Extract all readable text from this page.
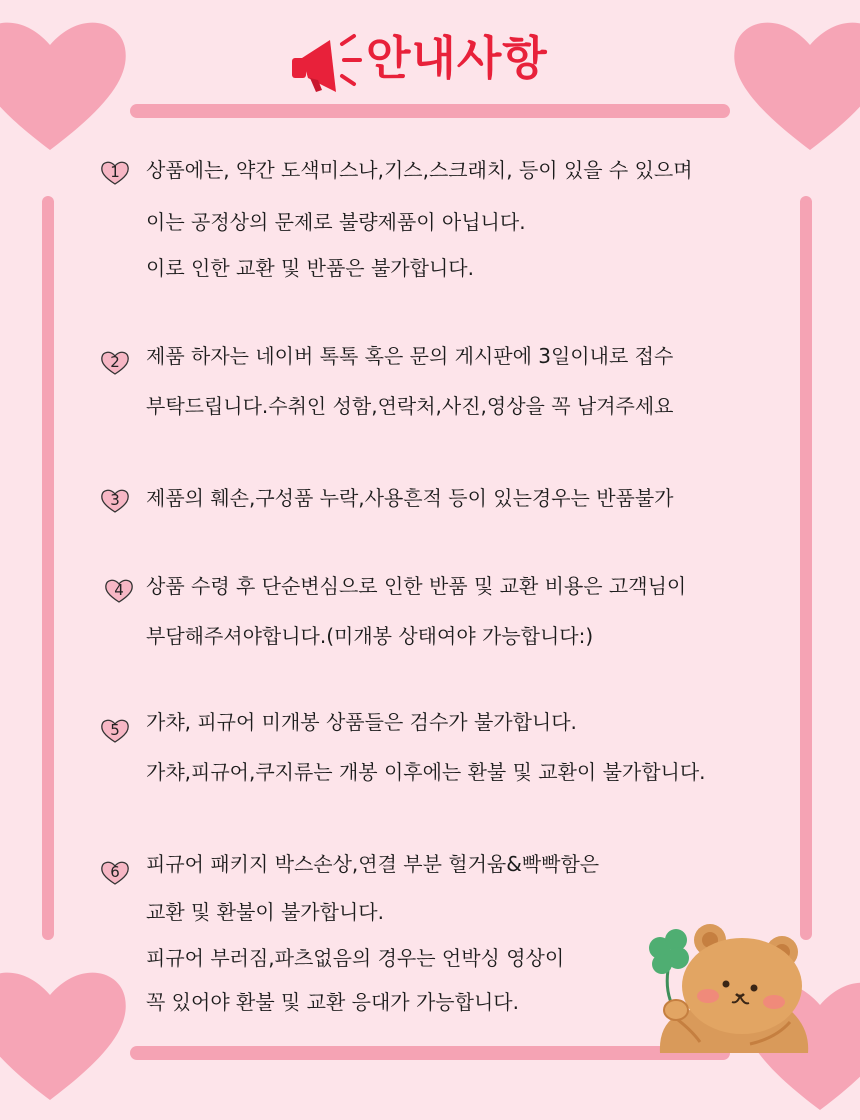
안내사항
1	상품에는, 약간 도색미스나,기스,스크래치, 등이 있을 수 있으며
이는 공정상의 문제로 불량제품이 아닙니다.
이로 인한 교환 및 반품은 불가합니다.
2	제품 하자는 네이버 톡톡 혹은 문의 게시판에 3일이내로 접수
부탁드립니다.수취인 성함,연락처,사진,영상을 꼭 남겨주세요
3	제품의 훼손,구성품 누락,사용흔적 등이 있는경우는 반품불가
4	상품 수령 후 단순변심으로 인한 반품 및 교환 비용은 고객님이
부담해주셔야합니다.(미개봉 상태여야 가능합니다:)
5	가챠, 피규어 미개봉 상품들은 검수가 불가합니다.
가챠,피규어,쿠지류는 개봉 이후에는 환불 및 교환이 불가합니다.
6	피규어 패키지 박스손상,연결 부분 헐거움&빡빡함은
교환 및 환불이 불가합니다.
피규어 부러짐,파츠없음의 경우는 언박싱 영상이
꼭 있어야 환불 및 교환 응대가 가능합니다.
